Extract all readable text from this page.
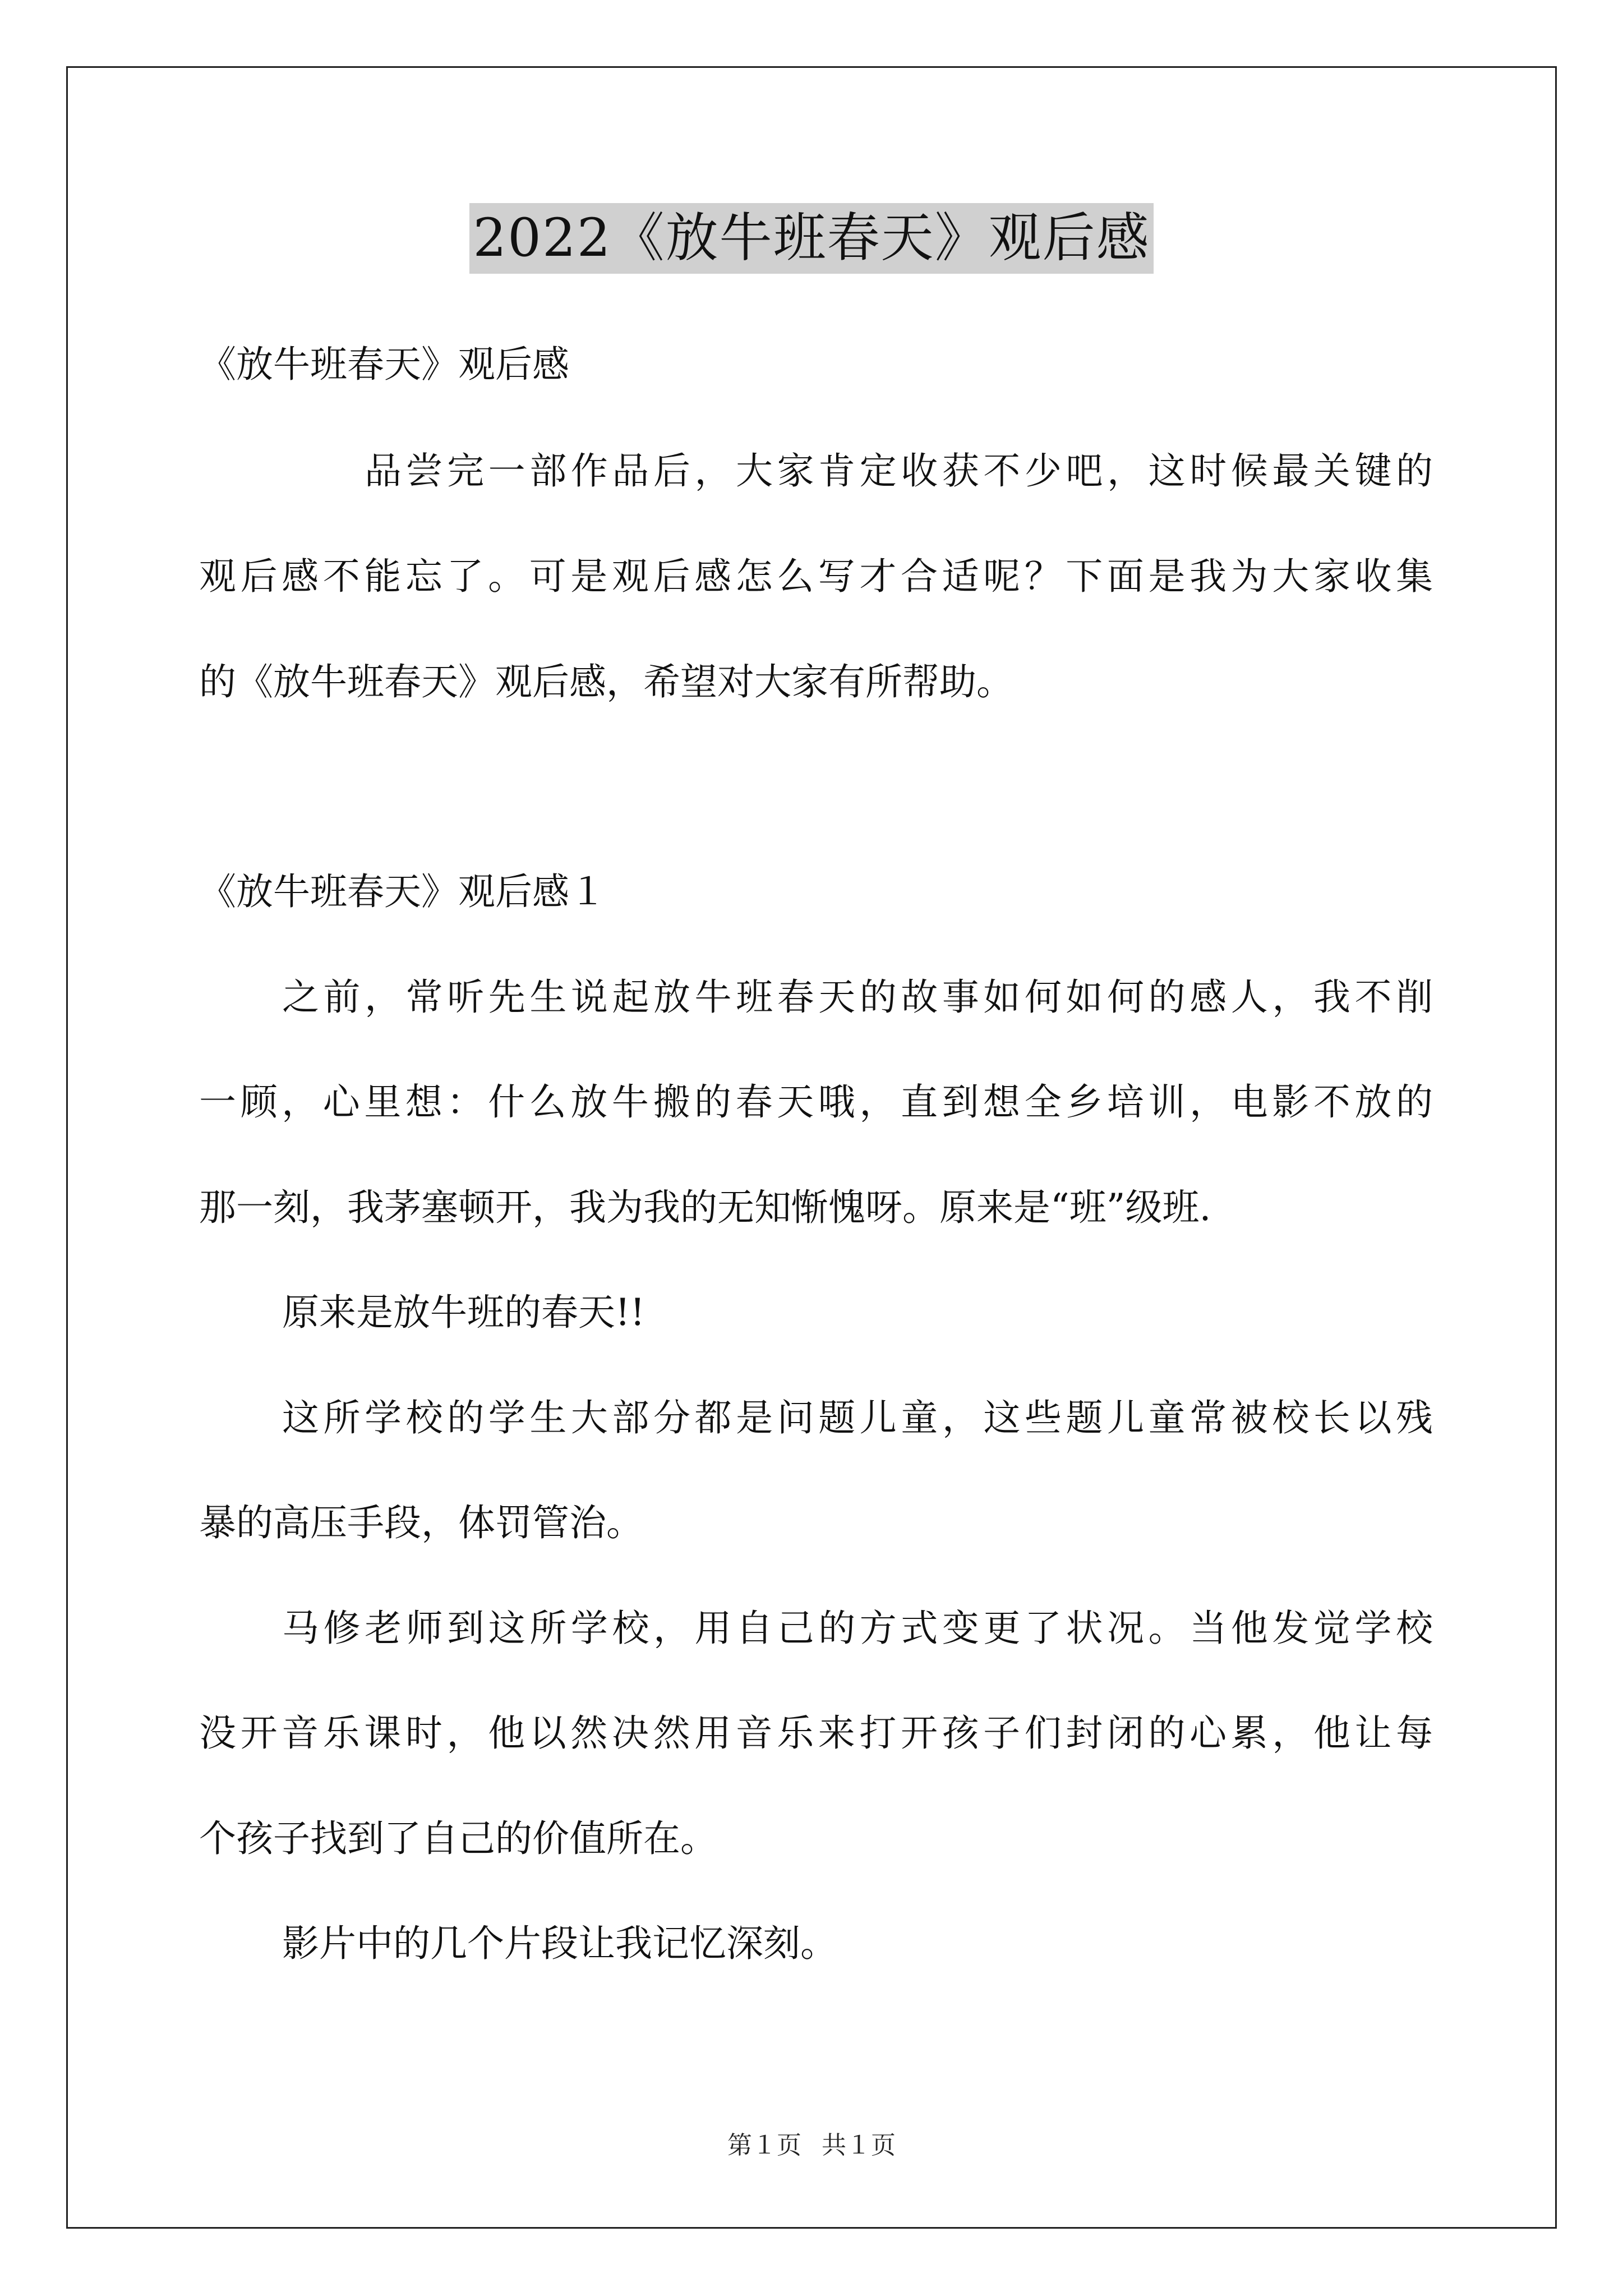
2022《放牛班春天》观后感
《放牛班春天》观后感
品尝完一部作品后，大家肯定收获不少吧，这时候最关键的
观后感不能忘了。可是观后感怎么写才合适呢？下面是我为大家收集
的《放牛班春天》观后感，希望对大家有所帮助。
《放牛班春天》观后感１
之前，常听先生说起放牛班春天的故事如何如何的感人，我不削
一顾，心里想：什么放牛搬的春天哦，直到想全乡培训，电影不放的
那一刻，我茅塞顿开，我为我的无知惭愧呀。原来是“班”级班.
原来是放牛班的春天!!
这所学校的学生大部分都是问题儿童，这些题儿童常被校长以残
暴的高压手段，体罚管治。
马修老师到这所学校，用自己的方式变更了状况。当他发觉学校
没开音乐课时，他以然决然用音乐来打开孩子们封闭的心累，他让每
个孩子找到了自己的价值所在。
影片中的几个片段让我记忆深刻。
第１页 共１页
